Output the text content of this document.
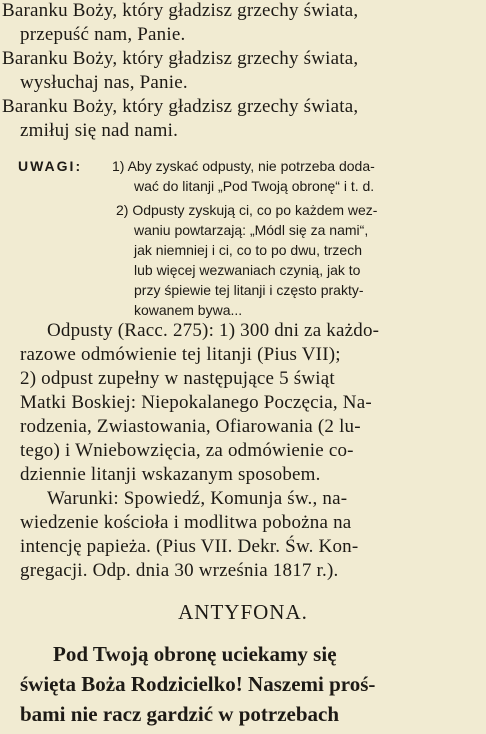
Baranku Boży, który gładzisz grzechy świata,
przepuść nam, Panie.
Baranku Boży, który gładzisz grzechy świata,
wysłuchaj nas, Panie.
Baranku Boży, który gładzisz grzechy świata,
zmiłuj się nad nami.
UWAGI: 1) Aby zyskać odpusty, nie potrzeba doda-
wać do litanji „Pod Twoją obronę“ i t. d.
2) Odpusty zyskują ci, co po każdem wez-
waniu powtarzają: „Módl się za nami“,
jak niemniej i ci, co to po dwu, trzech
lub więcej wezwaniach czynią, jak to
przy śpiewie tej litanji i często prakty-
kowanem bywa...
Odpusty (Racc. 275): 1) 300 dni za każdo-
razowe odmówienie tej litanji (Pius VII);
2) odpust zupełny w następujące 5 świąt
Matki Boskiej: Niepokalanego Poczęcia, Na-
rodzenia, Zwiastowania, Ofiarowania (2 lu-
tego) i Wniebowzięcia, za odmówienie co-
dziennie litanji wskazanym sposobem.
Warunki: Spowiedź, Komunja św., na-
wiedzenie kościoła i modlitwa pobożna na
intencję papieża. (Pius VII. Dekr. Św. Kon-
gregacji. Odp. dnia 30 września 1817 r.).
ANTYFONA.
Pod Twoją obronę uciekamy się
święta Boża Rodzicielko! Naszemi proś-
bami nie racz gardzić w potrzebach
